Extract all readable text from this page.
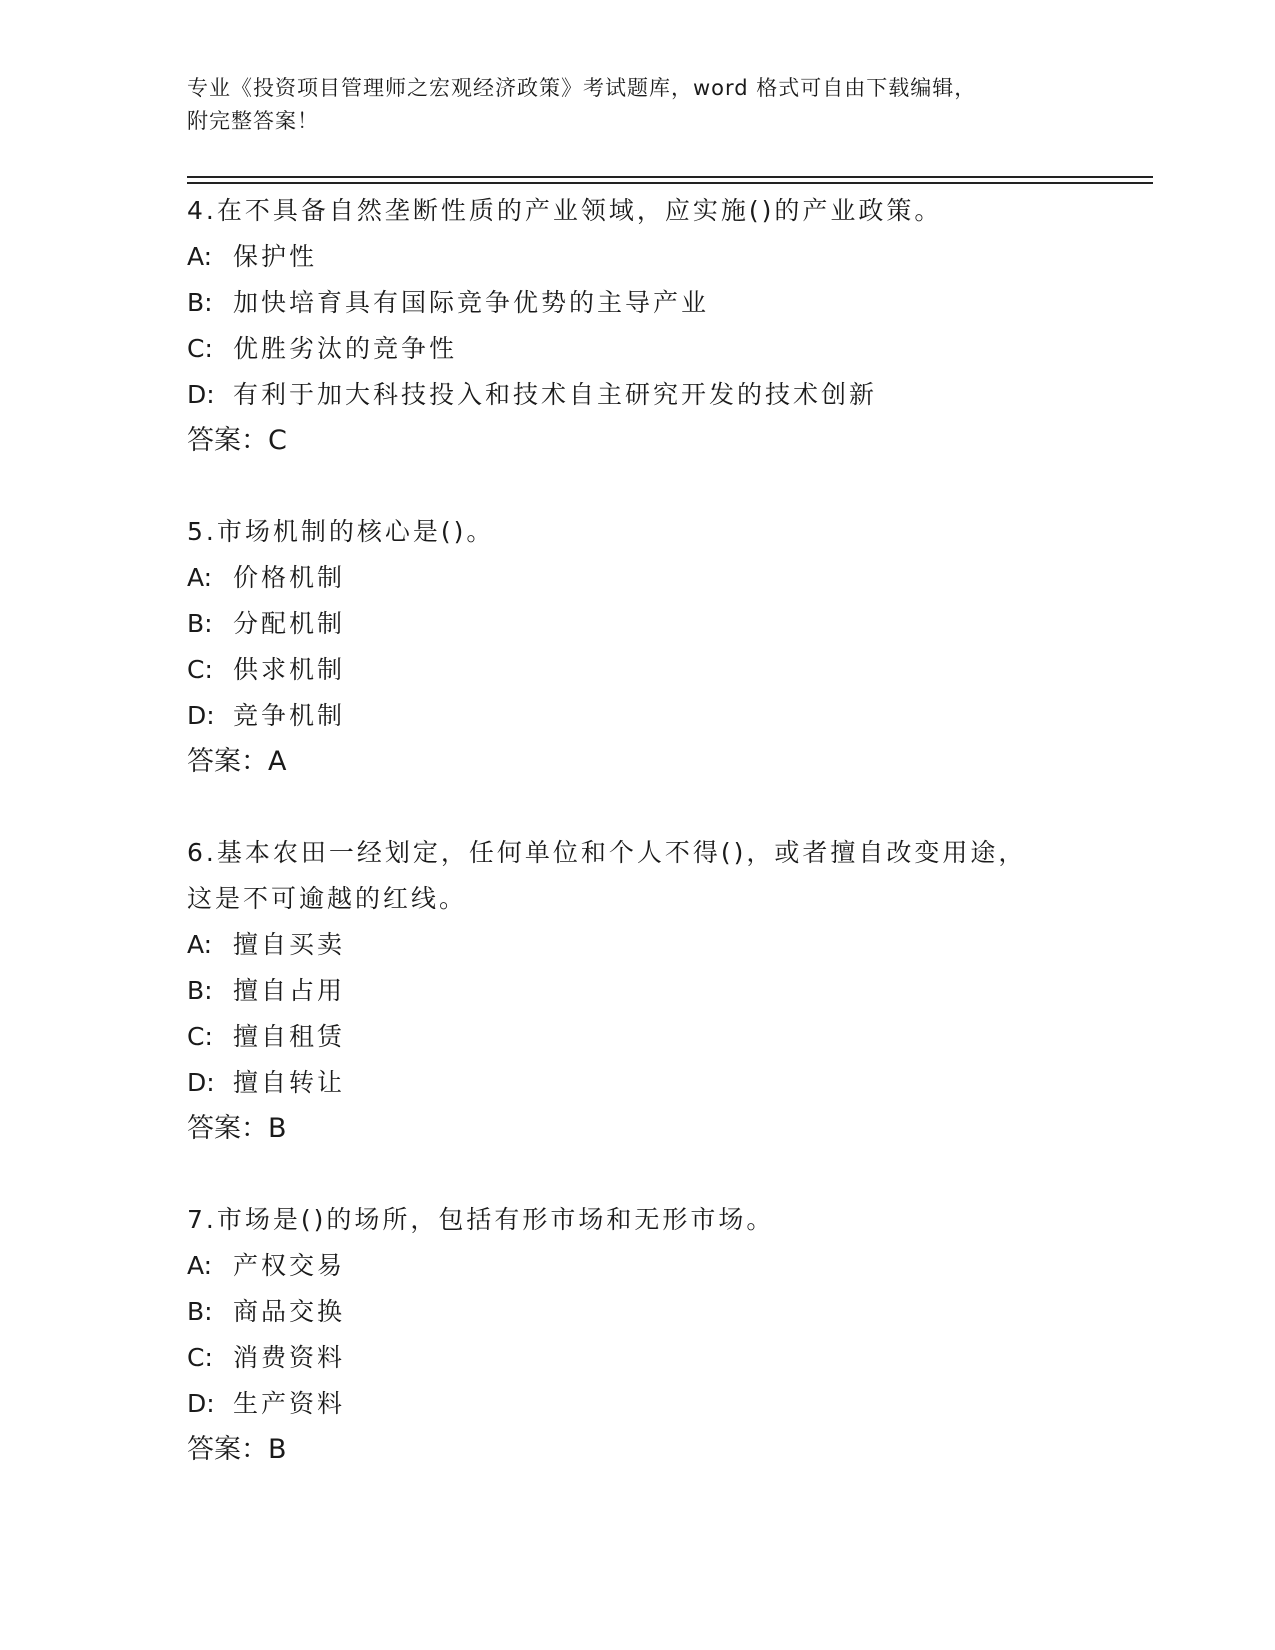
专业《投资项目管理师之宏观经济政策》考试题库，word 格式可自由下载编辑，
附完整答案！

4.在不具备自然垄断性质的产业领域，应实施()的产业政策。

A: 保护性

B: 加快培育具有国际竞争优势的主导产业

C: 优胜劣汰的竞争性

D: 有利于加大科技投入和技术自主研究开发的技术创新

答案：C

5.市场机制的核心是()。

A: 价格机制

B: 分配机制

C: 供求机制

D: 竞争机制

答案：A

6.基本农田一经划定，任何单位和个人不得()，或者擅自改变用途，

这是不可逾越的红线。

A: 擅自买卖

B: 擅自占用

C: 擅自租赁

D: 擅自转让

答案：B

7.市场是()的场所，包括有形市场和无形市场。

A: 产权交易

B: 商品交换

C: 消费资料

D: 生产资料

答案：B
